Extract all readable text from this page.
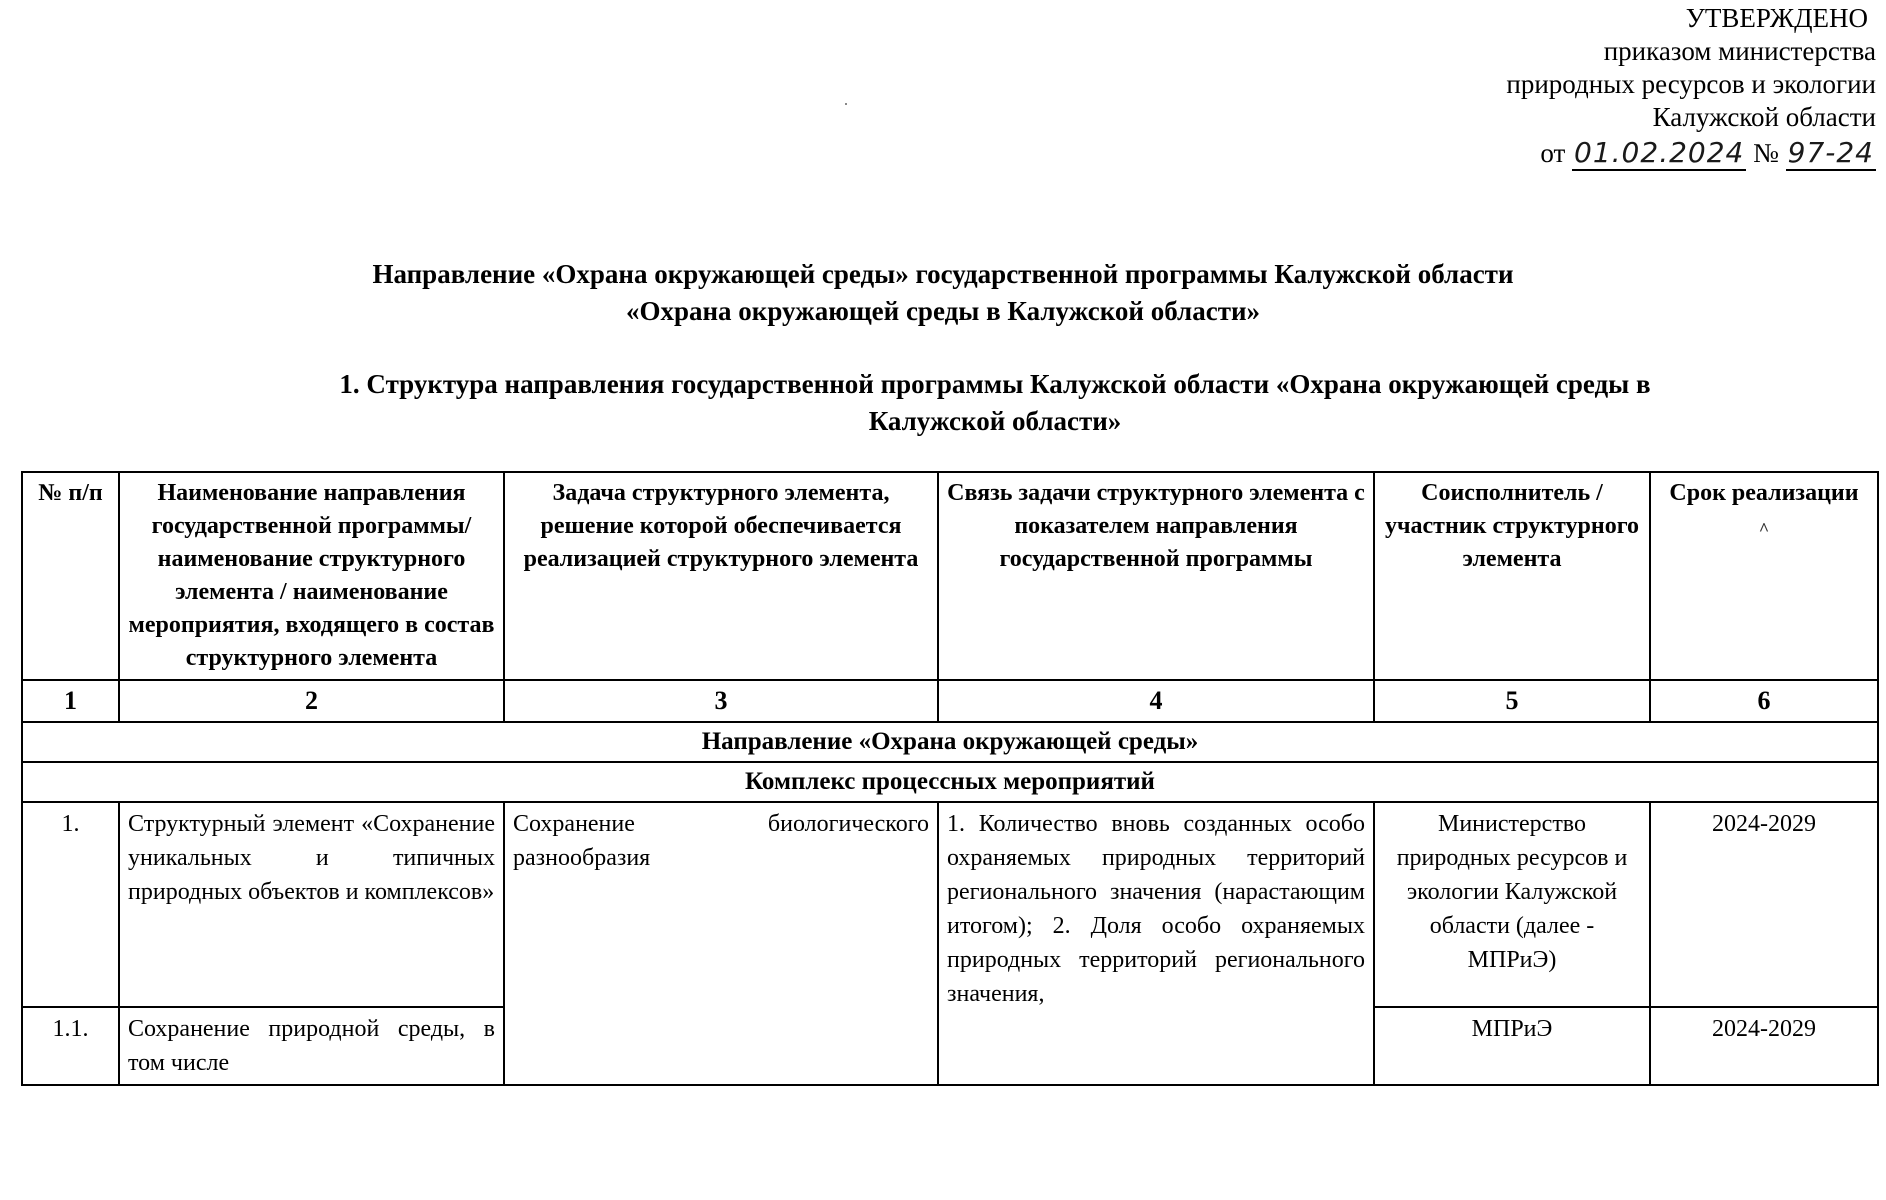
УТВЕРЖДЕНО
приказом министерства
природных ресурсов и экологии
Калужской области
от 01.02.2024 № 97-24
Направление «Охрана окружающей среды» государственной программы Калужской области
«Охрана окружающей среды в Калужской области»
1. Структура направления государственной программы Калужской области «Охрана окружающей среды в
Калужской области»
№ п/п	Наименование направления государственной программы/ наименование структурного элемента / наименование мероприятия, входящего в состав структурного элемента	Задача структурного элемента, решение которой обеспечивается реализацией структурного элемента	Связь задачи структурного элемента с показателем направления государственной программы	Соисполнитель / участник структурного элемента	Срок реализации
^
1	2	3	4	5	6
Направление «Охрана окружающей среды»					
Комплекс процессных мероприятий					
1.	Структурный элемент «Сохранение уникальных и типичных природных объектов и комплексов»	Сохранение биологического разнообразия	1. Количество вновь созданных особо охраняемых природных территорий регионального значения (нарастающим итогом); 2. Доля особо охраняемых природных территорий регионального значения,	Министерство природных ресурсов и экологии Калужской области (далее - МПРиЭ)	2024-2029
1.1.	Сохранение природной среды, в том числе			МПРиЭ	2024-2029
